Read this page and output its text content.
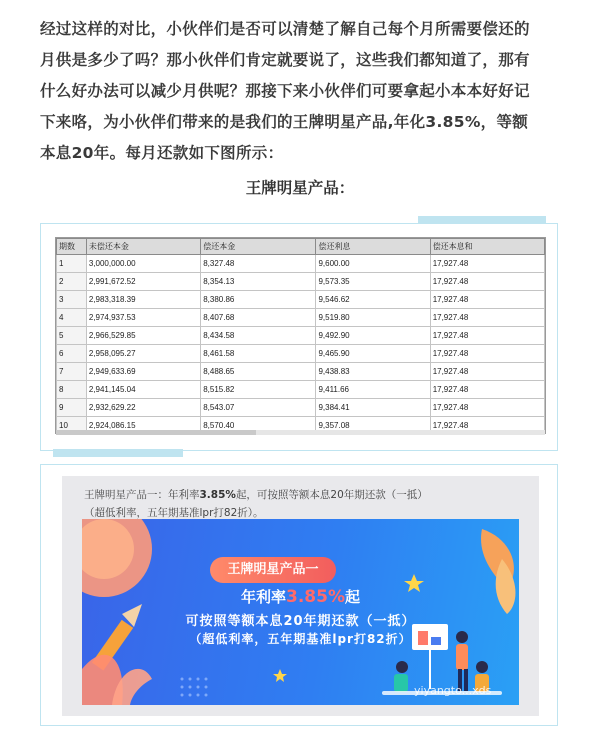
经过这样的对比，小伙伴们是否可以清楚了解自己每个月所需要偿还的

月供是多少了吗？那小伙伴们肯定就要说了，这些我们都知道了，那有

什么好办法可以减少月供呢？那接下来小伙伴们可要拿起小本本好好记

下来咯，为小伙伴们带来的是我们的王牌明星产品,年化3.85%，等额

本息20年。每月还款如下图所示：

王牌明星产品：
期数	未偿还本金	偿还本金	偿还利息	偿还本息和
1	3,000,000.00	8,327.48	9,600.00	17,927.48
2	2,991,672.52	8,354.13	9,573.35	17,927.48
3	2,983,318.39	8,380.86	9,546.62	17,927.48
4	2,974,937.53	8,407.68	9,519.80	17,927.48
5	2,966,529.85	8,434.58	9,492.90	17,927.48
6	2,958,095.27	8,461.58	9,465.90	17,927.48
7	2,949,633.69	8,488.65	9,438.83	17,927.48
8	2,941,145.04	8,515.82	9,411.66	17,927.48
9	2,932,629.22	8,543.07	9,384.41	17,927.48
10	2,924,086.15	8,570.40	9,357.08	17,927.48

王牌明星产品一：年利率3.85%起，可按照等额本息20年期还款（一抵）

（超低利率，五年期基准lpr打82折）。

王牌明星产品一
年利率3.85%起
可按照等额本息20年期还款（一抵）
（超低利率，五年期基准lpr打82折）
yiyangto...xds
